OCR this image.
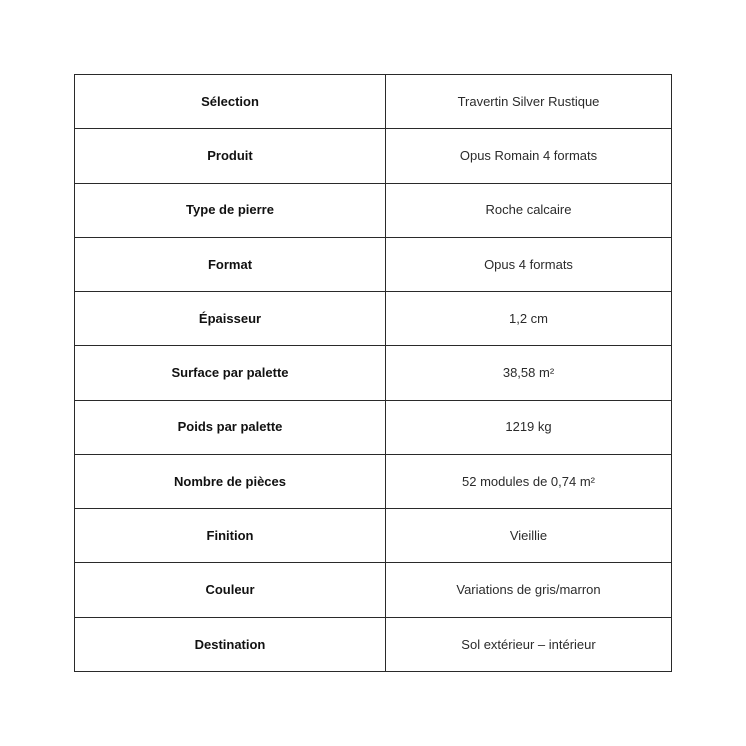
Sélection	Travertin Silver Rustique
Produit	Opus Romain 4 formats
Type de pierre	Roche calcaire
Format	Opus 4 formats
Épaisseur	1,2 cm
Surface par palette	38,58 m²
Poids par palette	1219 kg
Nombre de pièces	52 modules de 0,74 m²
Finition	Vieillie
Couleur	Variations de gris/marron
Destination	Sol extérieur – intérieur
